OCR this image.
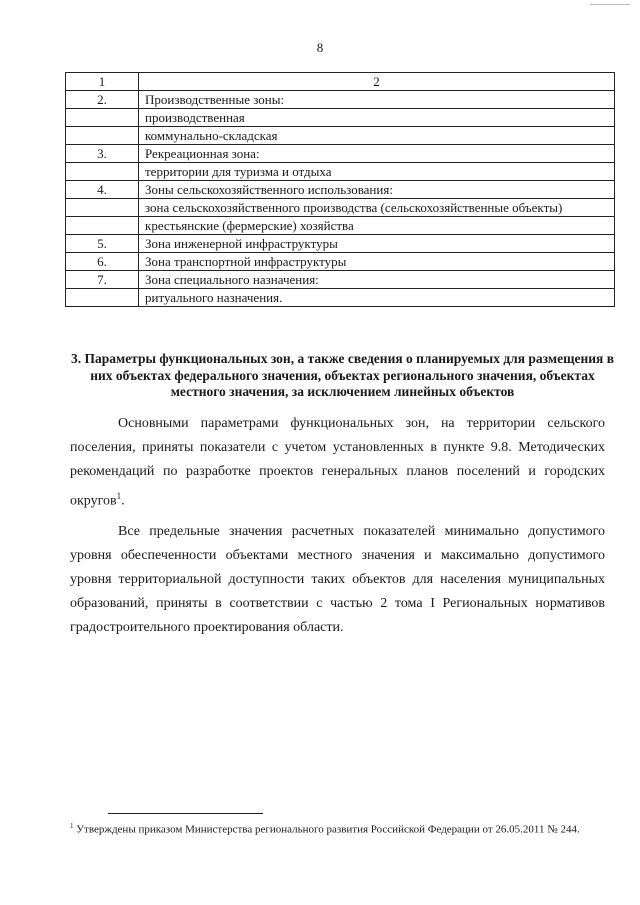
8
1	2
2.	Производственные зоны:
	производственная
	коммунально-складская
3.	Рекреационная зона:
	территории для туризма и отдыха
4.	Зоны сельскохозяйственного использования:
	зона сельскохозяйственного производства (сельскохозяйственные объекты)
	крестьянские (фермерские) хозяйства
5.	Зона инженерной инфраструктуры
6.	Зона транспортной инфраструктуры
7.	Зона специального назначения:
	ритуального назначения.
3. Параметры функциональных зон, а также сведения о планируемых для размещения в них объектах федерального значения, объектах регионального значения, объектах местного значения, за исключением линейных объектов
Основными параметрами функциональных зон, на территории сельского поселения, приняты показатели с учетом установленных в пункте 9.8. Методических рекомендаций по разработке проектов генеральных планов поселений и городских округов$^1$.
Все предельные значения расчетных показателей минимально допустимого уровня обеспеченности объектами местного значения и максимально допустимого уровня территориальной доступности таких объектов для населения муниципальных образований, приняты в соответствии с частью 2 тома I Региональных нормативов градостроительного проектирования области.
$^1$ Утверждены приказом Министерства регионального развития Российской Федерации от 26.05.2011 № 244.
